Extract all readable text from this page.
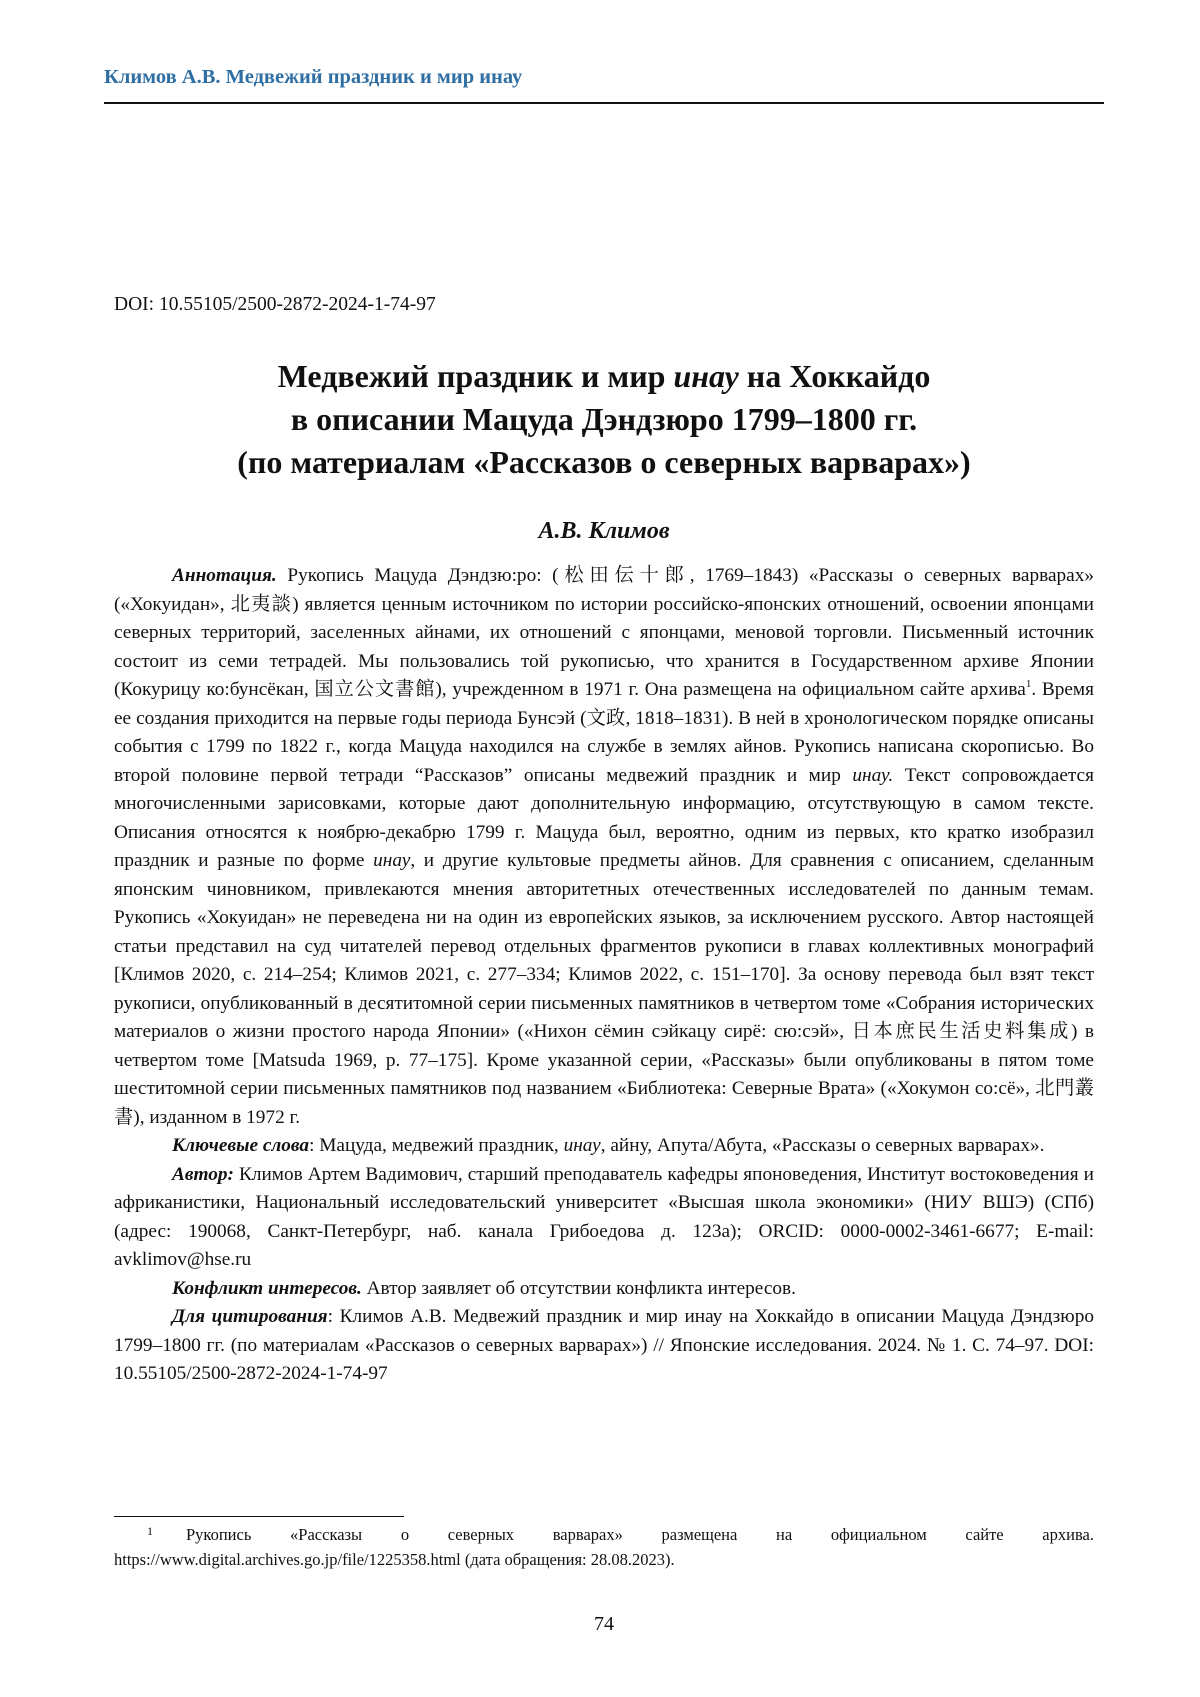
Климов А.В. Медвежий праздник и мир инау
DOI: 10.55105/2500-2872-2024-1-74-97
Медвежий праздник и мир инау на Хоккайдо
в описании Мацуда Дэндзюро 1799–1800 гг.
(по материалам «Рассказов о северных варварах»)
А.В. Климов

Аннотация. Рукопись Мацуда Дэндзю:ро: (松田伝十郎, 1769–1843) «Рассказы о северных варварах» («Хокуидан», 北夷談) является ценным источником по истории российско-японских отношений, освоении японцами северных территорий, заселенных айнами, их отношений с японцами, меновой торговли. Письменный источник состоит из семи тетрадей. Мы пользовались той рукописью, что хранится в Государственном архиве Японии (Кокурицу ко:бунсёкан, 国立公文書館), учрежденном в 1971 г. Она размещена на официальном сайте архива$^1$. Время ее создания приходится на первые годы периода Бунсэй (文政, 1818–1831). В ней в хронологическом порядке описаны события с 1799 по 1822 г., когда Мацуда находился на службе в землях айнов. Рукопись написана скорописью. Во второй половине первой тетради “Рассказов” описаны медвежий праздник и мир инау. Текст сопровождается многочисленными зарисовками, которые дают дополнительную информацию, отсутствующую в самом тексте. Описания относятся к ноябрю-декабрю 1799 г. Мацуда был, вероятно, одним из первых, кто кратко изобразил праздник и разные по форме инау, и другие культовые предметы айнов. Для сравнения с описанием, сделанным японским чиновником, привлекаются мнения авторитетных отечественных исследователей по данным темам. Рукопись «Хокуидан» не переведена ни на один из европейских языков, за исключением русского. Автор настоящей статьи представил на суд читателей перевод отдельных фрагментов рукописи в главах коллективных монографий [Климов 2020, с. 214–254; Климов 2021, с. 277–334; Климов 2022, с. 151–170]. За основу перевода был взят текст рукописи, опубликованный в десятитомной серии письменных памятников в четвертом томе «Собрания исторических материалов о жизни простого народа Японии» («Нихон сёмин сэйкацу сирё: сю:сэй», 日本庶民生活史料集成) в четвертом томе [Matsuda 1969, p. 77–175]. Кроме указанной серии, «Рассказы» были опубликованы в пятом томе шеститомной серии письменных памятников под названием «Библиотека: Северные Врата» («Хокумон со:сё», 北門叢書), изданном в 1972 г.

Ключевые слова: Мацуда, медвежий праздник, инау, айну, Апута/Абута, «Рассказы о северных варварах».

Автор: Климов Артем Вадимович, старший преподаватель кафедры японоведения, Институт востоковедения и африканистики, Национальный исследовательский университет «Высшая школа экономики» (НИУ ВШЭ) (СПб) (адрес: 190068, Санкт-Петербург, наб. канала Грибоедова д. 123а); ORCID: 0000-0002-3461-6677; E-mail: avklimov@hse.ru

Конфликт интересов. Автор заявляет об отсутствии конфликта интересов.

Для цитирования: Климов А.В. Медвежий праздник и мир инау на Хоккайдо в описании Мацуда Дэндзюро 1799–1800 гг. (по материалам «Рассказов о северных варварах») // Японские исследования. 2024. № 1. С. 74–97. DOI: 10.55105/2500-2872-2024-1-74-97

1 Рукопись «Рассказы о северных варварах» размещена на официальном сайте архива. https://www.digital.archives.go.jp/file/1225358.html (дата обращения: 28.08.2023).
74
